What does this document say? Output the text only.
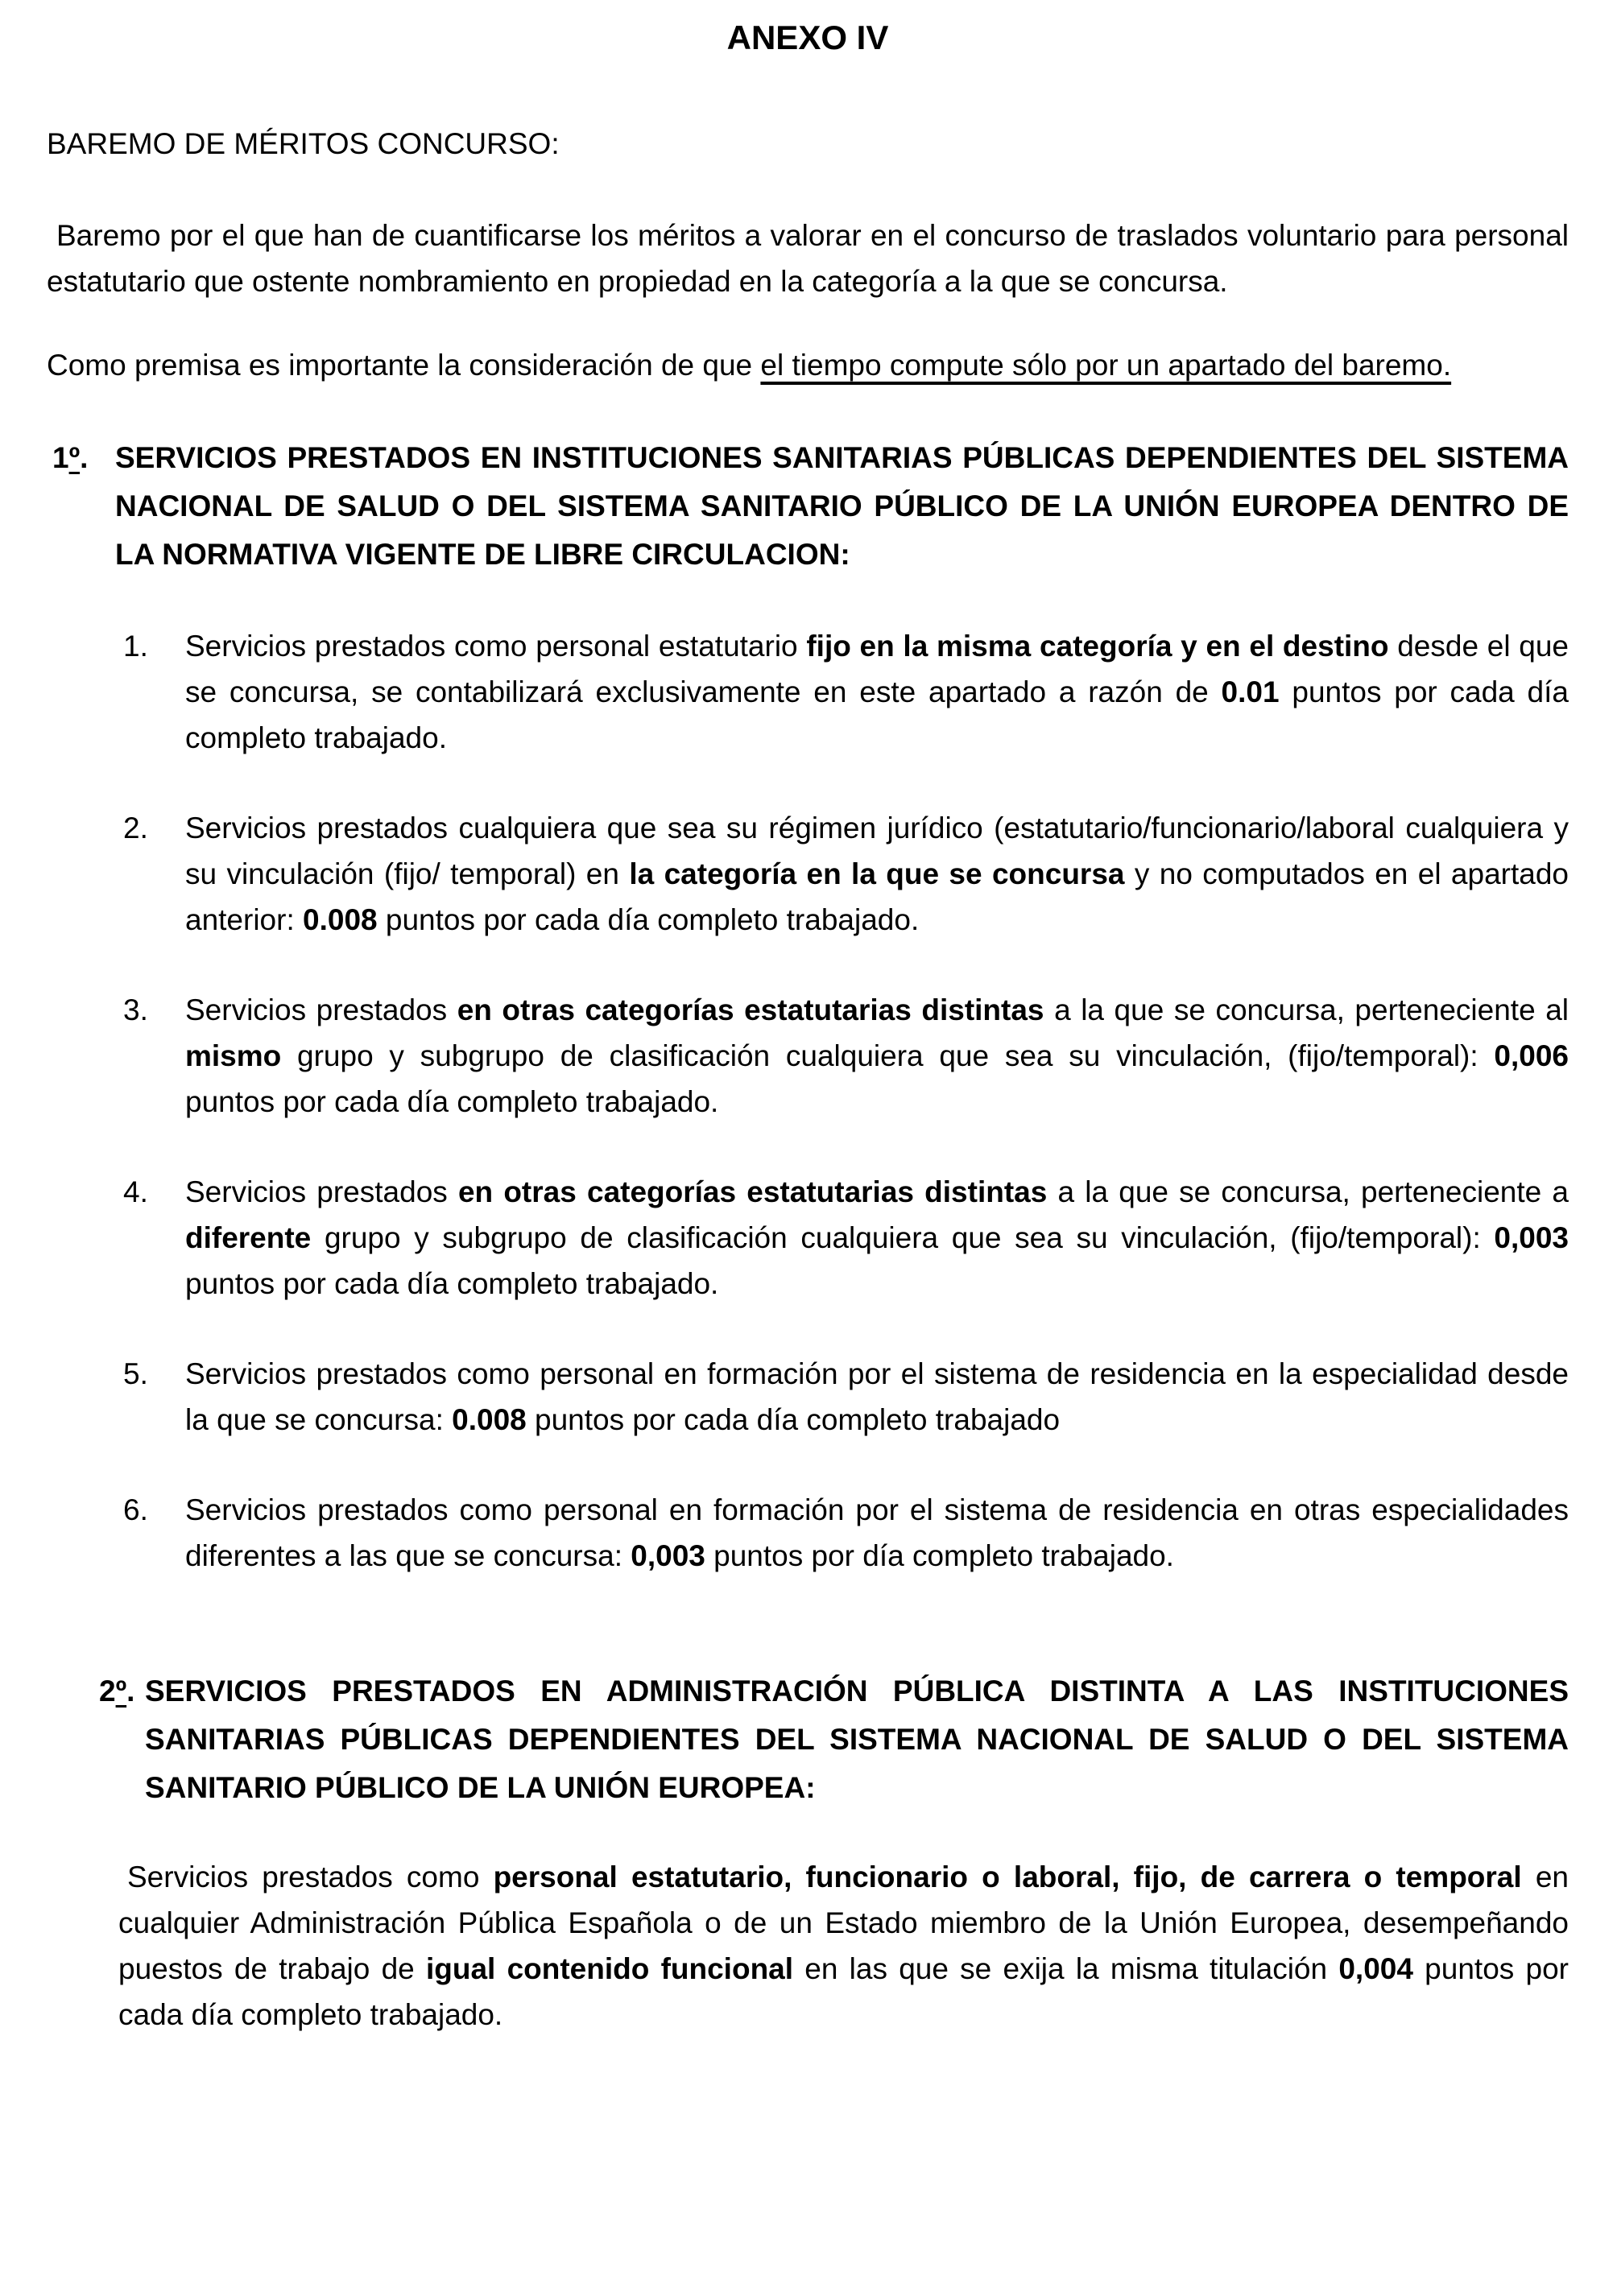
ANEXO IV
BAREMO DE MÉRITOS CONCURSO:
Baremo por el que han de cuantificarse los méritos a valorar en el concurso de traslados voluntario para personal estatutario que ostente nombramiento en propiedad en la categoría a la que se concursa.
Como premisa es importante la consideración de que el tiempo compute sólo por un apartado del baremo.
1º. SERVICIOS PRESTADOS EN INSTITUCIONES SANITARIAS PÚBLICAS DEPENDIENTES DEL SISTEMA NACIONAL DE SALUD O DEL SISTEMA SANITARIO PÚBLICO DE LA UNIÓN EUROPEA DENTRO DE LA NORMATIVA VIGENTE DE LIBRE CIRCULACION:
1.	Servicios prestados como personal estatutario fijo en la misma categoría y en el destino desde el que se concursa, se contabilizará exclusivamente en este apartado a razón de 0.01 puntos por cada día completo trabajado.
2.	Servicios prestados cualquiera que sea su régimen jurídico (estatutario/funcionario/laboral cualquiera y su vinculación (fijo/ temporal) en la categoría en la que se concursa y no computados en el apartado anterior: 0.008 puntos por cada día completo trabajado.
3.	Servicios prestados en otras categorías estatutarias distintas a la que se concursa, perteneciente al mismo grupo y subgrupo de clasificación cualquiera que sea su vinculación, (fijo/temporal): 0,006 puntos por cada día completo trabajado.
4.	Servicios prestados en otras categorías estatutarias distintas a la que se concursa, perteneciente a diferente grupo y subgrupo de clasificación cualquiera que sea su vinculación, (fijo/temporal): 0,003 puntos por cada día completo trabajado.
5.	Servicios prestados como personal en formación por el sistema de residencia en la especialidad desde la que se concursa: 0.008 puntos por cada día completo trabajado
6.	Servicios prestados como personal en formación por el sistema de residencia en otras especialidades diferentes a las que se concursa: 0,003 puntos por día completo trabajado.
2º. SERVICIOS PRESTADOS EN ADMINISTRACIÓN PÚBLICA DISTINTA A LAS INSTITUCIONES SANITARIAS PÚBLICAS DEPENDIENTES DEL SISTEMA NACIONAL DE SALUD O DEL SISTEMA SANITARIO PÚBLICO DE LA UNIÓN EUROPEA:
Servicios prestados como personal estatutario, funcionario o laboral, fijo, de carrera o temporal en cualquier Administración Pública Española o de un Estado miembro de la Unión Europea, desempeñando puestos de trabajo de igual contenido funcional en las que se exija la misma titulación 0,004 puntos por cada día completo trabajado.
